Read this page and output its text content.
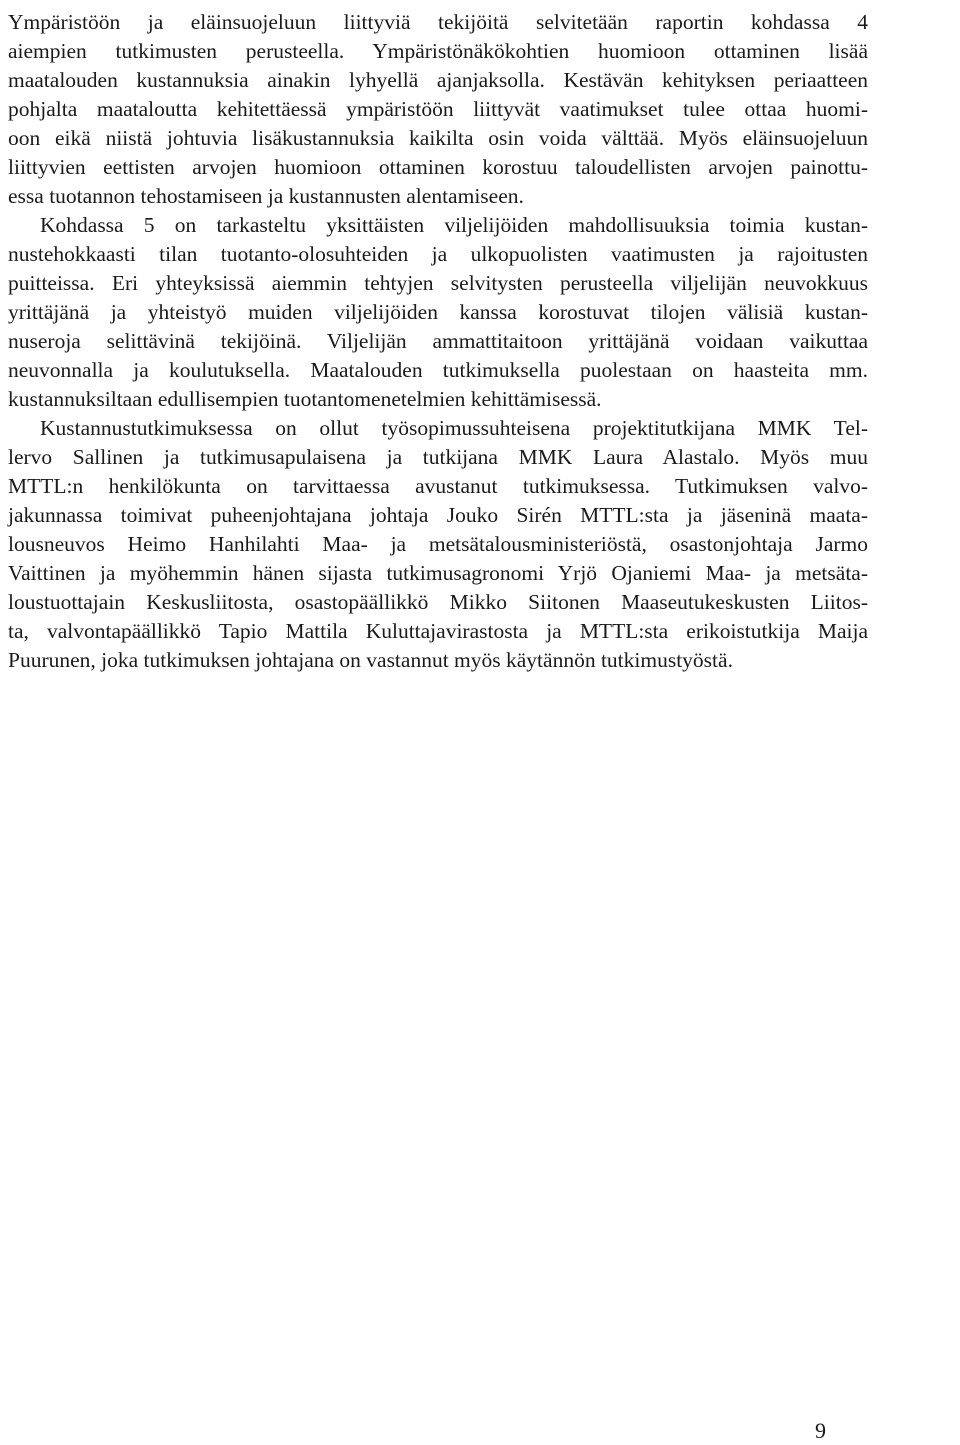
Ympäristöön ja eläinsuojeluun liittyviä tekijöitä selvitetään raportin kohdassa 4
aiempien tutkimusten perusteella. Ympäristönäkökohtien huomioon ottaminen lisää
maatalouden kustannuksia ainakin lyhyellä ajanjaksolla. Kestävän kehityksen periaatteen
pohjalta maataloutta kehitettäessä ympäristöön liittyvät vaatimukset tulee ottaa huomi-
oon eikä niistä johtuvia lisäkustannuksia kaikilta osin voida välttää. Myös eläinsuojeluun
liittyvien eettisten arvojen huomioon ottaminen korostuu taloudellisten arvojen painottu-
essa tuotannon tehostamiseen ja kustannusten alentamiseen.
Kohdassa 5 on tarkasteltu yksittäisten viljelijöiden mahdollisuuksia toimia kustan-
nustehokkaasti tilan tuotanto-olosuhteiden ja ulkopuolisten vaatimusten ja rajoitusten
puitteissa. Eri yhteyksissä aiemmin tehtyjen selvitysten perusteella viljelijän neuvokkuus
yrittäjänä ja yhteistyö muiden viljelijöiden kanssa korostuvat tilojen välisiä kustan-
nuseroja selittävinä tekijöinä. Viljelijän ammattitaitoon yrittäjänä voidaan vaikuttaa
neuvonnalla ja koulutuksella. Maatalouden tutkimuksella puolestaan on haasteita mm.
kustannuksiltaan edullisempien tuotantomenetelmien kehittämisessä.
Kustannustutkimuksessa on ollut työsopimussuhteisena projektitutkijana MMK Tel-
lervo Sallinen ja tutkimusapulaisena ja tutkijana MMK Laura Alastalo. Myös muu
MTTL:n henkilökunta on tarvittaessa avustanut tutkimuksessa. Tutkimuksen valvo-
jakunnassa toimivat puheenjohtajana johtaja Jouko Sirén MTTL:sta ja jäseninä maata-
lousneuvos Heimo Hanhilahti Maa- ja metsätalousministeriöstä, osastonjohtaja Jarmo
Vaittinen ja myöhemmin hänen sijasta tutkimusagronomi Yrjö Ojaniemi Maa- ja metsäta-
loustuottajain Keskusliitosta, osastopäällikkö Mikko Siitonen Maaseutukeskusten Liitos-
ta, valvontapäällikkö Tapio Mattila Kuluttajavirastosta ja MTTL:sta erikoistutkija Maija
Puurunen, joka tutkimuksen johtajana on vastannut myös käytännön tutkimustyöstä.
9
